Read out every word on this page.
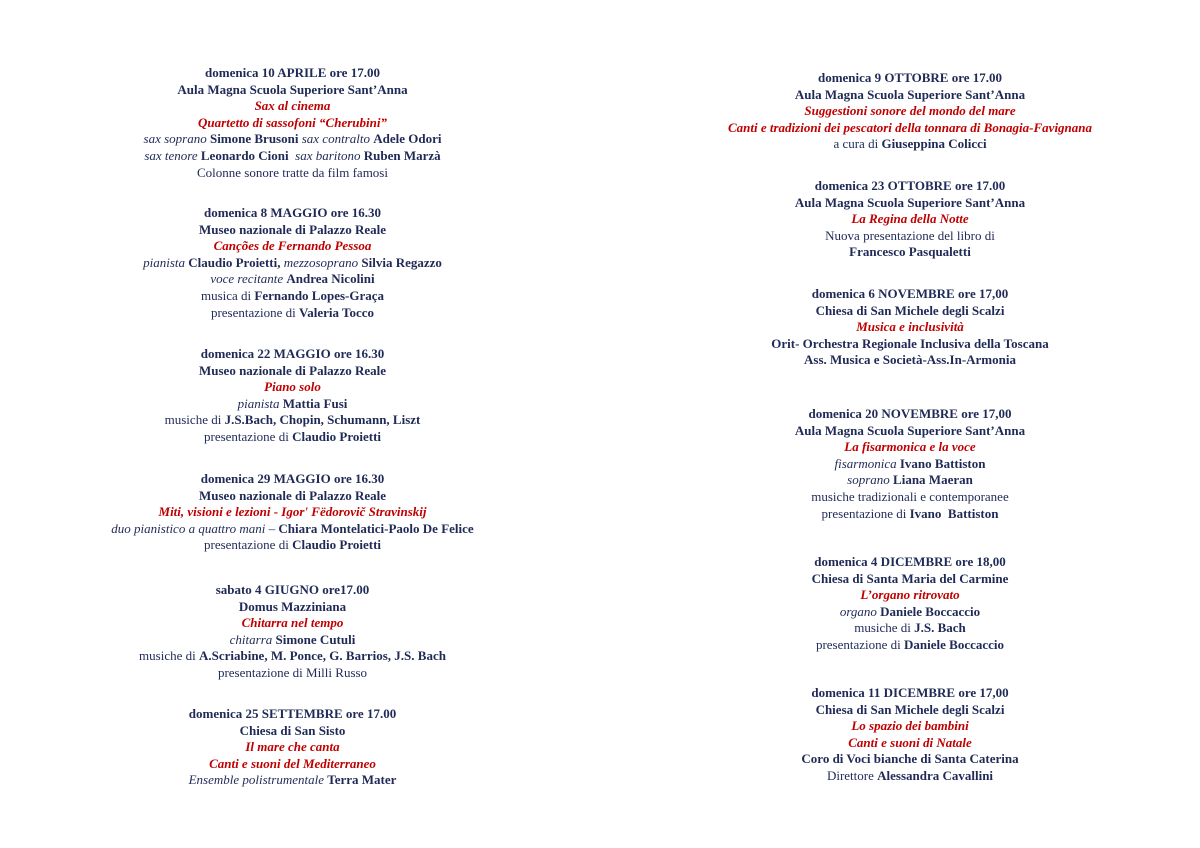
domenica 10 APRILE ore 17.00
Aula Magna Scuola Superiore Sant’Anna
Sax al cinema
Quartetto di sassofoni “Cherubini”
sax soprano Simone Brusoni sax contralto Adele Odori
sax tenore Leonardo Cioni  sax baritono Ruben Marzà
Colonne sonore tratte da film famosi
domenica 8 MAGGIO ore 16.30
Museo nazionale di Palazzo Reale
Canções de Fernando Pessoa
pianista Claudio Proietti, mezzosoprano Silvia Regazzo
voce recitante Andrea Nicolini
musica di Fernando Lopes-Graça
presentazione di Valeria Tocco
domenica 22 MAGGIO ore 16.30
Museo nazionale di Palazzo Reale
Piano solo
pianista Mattia Fusi
musiche di J.S.Bach, Chopin, Schumann, Liszt
presentazione di Claudio Proietti
domenica 29 MAGGIO ore 16.30
Museo nazionale di Palazzo Reale
Miti, visioni e lezioni - Igor' Fëdorovič Stravinskij
duo pianistico a quattro mani – Chiara Montelatici-Paolo De Felice
presentazione di Claudio Proietti
sabato 4 GIUGNO ore17.00
Domus Mazziniana
Chitarra nel tempo
chitarra Simone Cutuli
musiche di A.Scriabine, M. Ponce, G. Barrios, J.S. Bach
presentazione di Milli Russo
domenica 25 SETTEMBRE ore 17.00
Chiesa di San Sisto
Il mare che canta
Canti e suoni del Mediterraneo
Ensemble polistrumentale Terra Mater
domenica 9 OTTOBRE ore 17.00
Aula Magna Scuola Superiore Sant’Anna
Suggestioni sonore del mondo del mare
Canti e tradizioni dei pescatori della tonnara di Bonagia-Favignana
a cura di Giuseppina Colicci
domenica 23 OTTOBRE ore 17.00
Aula Magna Scuola Superiore Sant’Anna
La Regina della Notte
Nuova presentazione del libro di
Francesco Pasqualetti
domenica 6 NOVEMBRE ore 17,00
Chiesa di San Michele degli Scalzi
Musica e inclusività
Orit- Orchestra Regionale Inclusiva della Toscana
Ass. Musica e Società-Ass.In-Armonia
domenica 20 NOVEMBRE ore 17,00
Aula Magna Scuola Superiore Sant’Anna
La fisarmonica e la voce
fisarmonica Ivano Battiston
soprano Liana Maeran
musiche tradizionali e contemporanee
presentazione di Ivano  Battiston
domenica 4 DICEMBRE ore 18,00
Chiesa di Santa Maria del Carmine
L’organo ritrovato
organo Daniele Boccaccio
musiche di J.S. Bach
presentazione di Daniele Boccaccio
domenica 11 DICEMBRE ore 17,00
Chiesa di San Michele degli Scalzi
Lo spazio dei bambini
Canti e suoni di Natale
Coro di Voci bianche di Santa Caterina
Direttore Alessandra Cavallini
